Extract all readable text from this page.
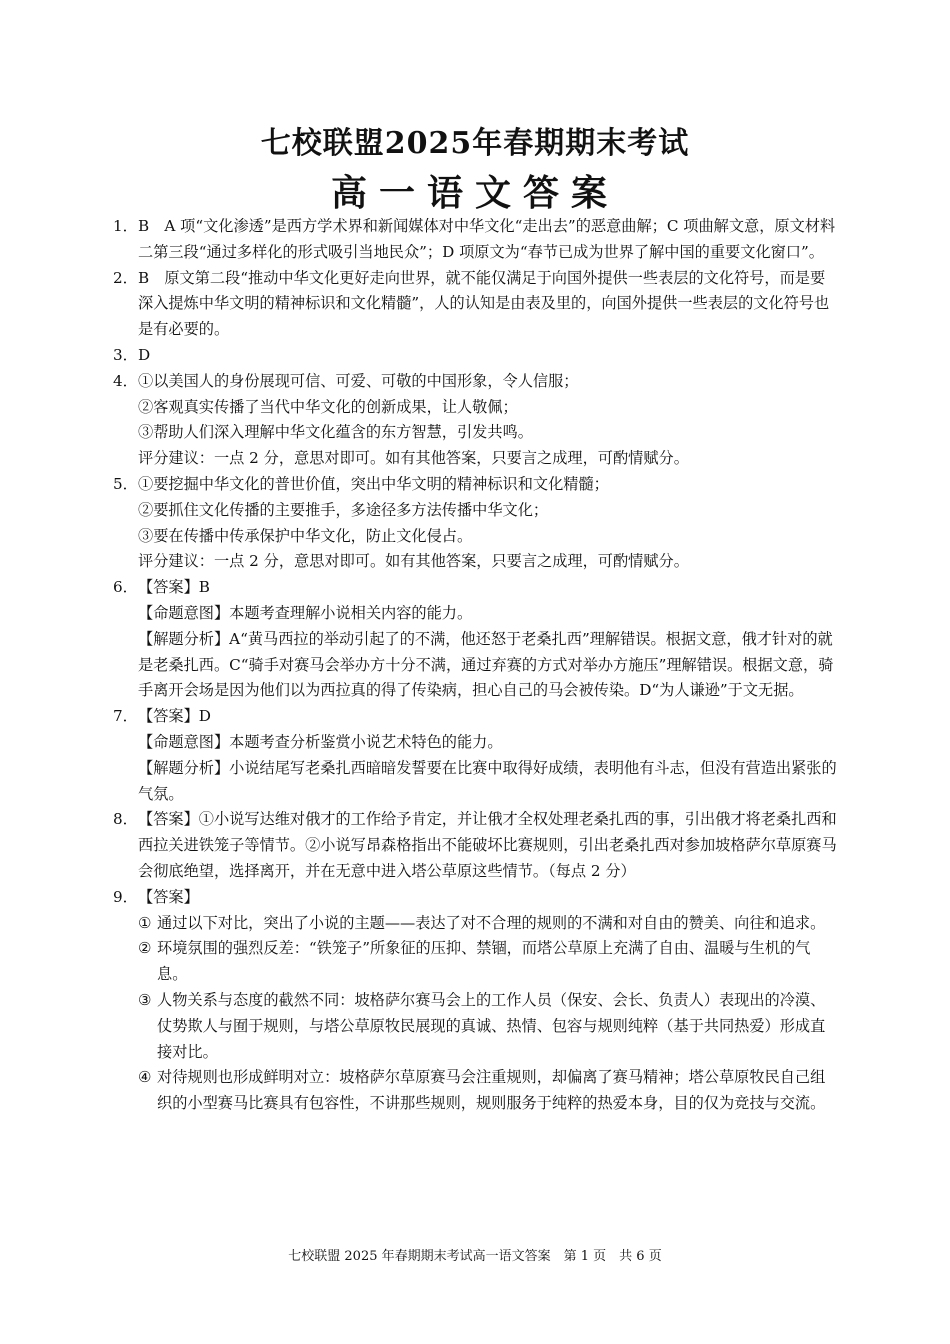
七校联盟2025年春期期末考试
高一语文答案
1． B　A 项“文化渗透”是西方学术界和新闻媒体对中华文化“走出去”的恶意曲解；C 项曲解文意，原文材料二第三段“通过多样化的形式吸引当地民众”；D 项原文为“春节已成为世界了解中国的重要文化窗口”。
2． B　原文第二段“推动中华文化更好走向世界，就不能仅满足于向国外提供一些表层的文化符号，而是要深入提炼中华文明的精神标识和文化精髓”，人的认知是由表及里的，向国外提供一些表层的文化符号也是有必要的。
3． D
4． ①以美国人的身份展现可信、可爱、可敬的中国形象，令人信服；
②客观真实传播了当代中华文化的创新成果，让人敬佩；
③帮助人们深入理解中华文化蕴含的东方智慧，引发共鸣。
评分建议：一点 2 分，意思对即可。如有其他答案，只要言之成理，可酌情赋分。
5． ①要挖掘中华文化的普世价值，突出中华文明的精神标识和文化精髓；
②要抓住文化传播的主要推手，多途径多方法传播中华文化；
③要在传播中传承保护中华文化，防止文化侵占。
评分建议：一点 2 分，意思对即可。如有其他答案，只要言之成理，可酌情赋分。
6． 【答案】B
【命题意图】本题考查理解小说相关内容的能力。
【解题分析】A“黄马西拉的举动引起了的不满，他还怒于老桑扎西”理解错误。根据文意，俄才针对的就是老桑扎西。C“骑手对赛马会举办方十分不满，通过弃赛的方式对举办方施压”理解错误。根据文意，骑手离开会场是因为他们以为西拉真的得了传染病，担心自己的马会被传染。D“为人谦逊”于文无据。
7． 【答案】D
【命题意图】本题考查分析鉴赏小说艺术特色的能力。
【解题分析】小说结尾写老桑扎西暗暗发誓要在比赛中取得好成绩，表明他有斗志，但没有营造出紧张的气氛。
8． 【答案】①小说写达维对俄才的工作给予肯定，并让俄才全权处理老桑扎西的事，引出俄才将老桑扎西和西拉关进铁笼子等情节。②小说写昂森格指出不能破坏比赛规则，引出老桑扎西对参加坡格萨尔草原赛马会彻底绝望，选择离开，并在无意中进入塔公草原这些情节。（每点 2 分）
9． 【答案】
① 通过以下对比，突出了小说的主题——表达了对不合理的规则的不满和对自由的赞美、向往和追求。
② 环境氛围的强烈反差：“铁笼子”所象征的压抑、禁锢，而塔公草原上充满了自由、温暖与生机的气息。
③ 人物关系与态度的截然不同：坡格萨尔赛马会上的工作人员（保安、会长、负责人）表现出的冷漠、仗势欺人与囿于规则，与塔公草原牧民展现的真诚、热情、包容与规则纯粹（基于共同热爱）形成直接对比。
④ 对待规则也形成鲜明对立：坡格萨尔草原赛马会注重规则，却偏离了赛马精神；塔公草原牧民自己组织的小型赛马比赛具有包容性，不讲那些规则，规则服务于纯粹的热爱本身，目的仅为竞技与交流。
七校联盟 2025 年春期期末考试高一语文答案　第 1 页　共 6 页
